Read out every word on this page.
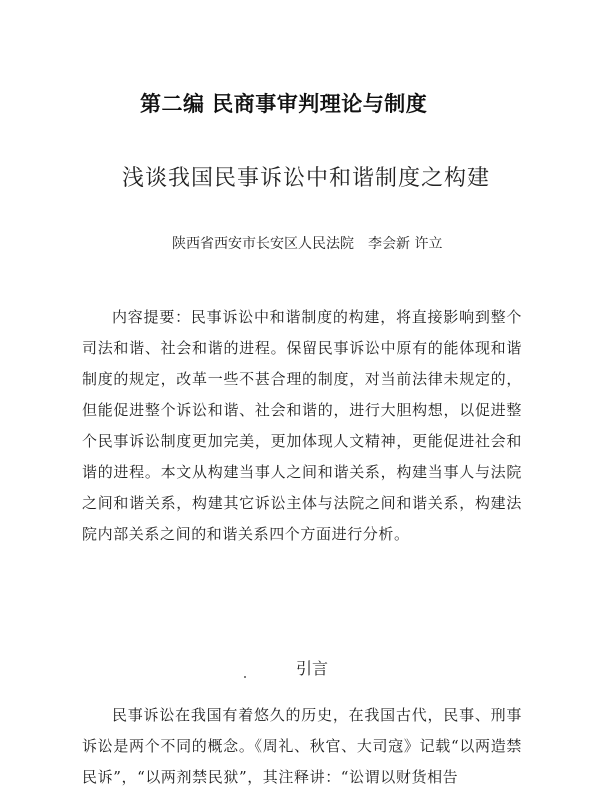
第二编 民商事审判理论与制度
浅谈我国民事诉讼中和谐制度之构建
陕西省西安市长安区人民法院 李会新 许立

内容提要：民事诉讼中和谐制度的构建，将直接影响到整个司法和谐、社会和谐的进程。保留民事诉讼中原有的能体现和谐制度的规定，改革一些不甚合理的制度，对当前法律未规定的，但能促进整个诉讼和谐、社会和谐的，进行大胆构想，以促进整个民事诉讼制度更加完美，更加体现人文精神，更能促进社会和谐的进程。本文从构建当事人之间和谐关系，构建当事人与法院之间和谐关系，构建其它诉讼主体与法院之间和谐关系，构建法院内部关系之间的和谐关系四个方面进行分析。

引言

民事诉讼在我国有着悠久的历史，在我国古代，民事、刑事诉讼是两个不同的概念。《周礼、秋官、大司寇》记载“以两造禁民诉”，“以两剂禁民狱”，其注释讲：“讼谓以财货相告
